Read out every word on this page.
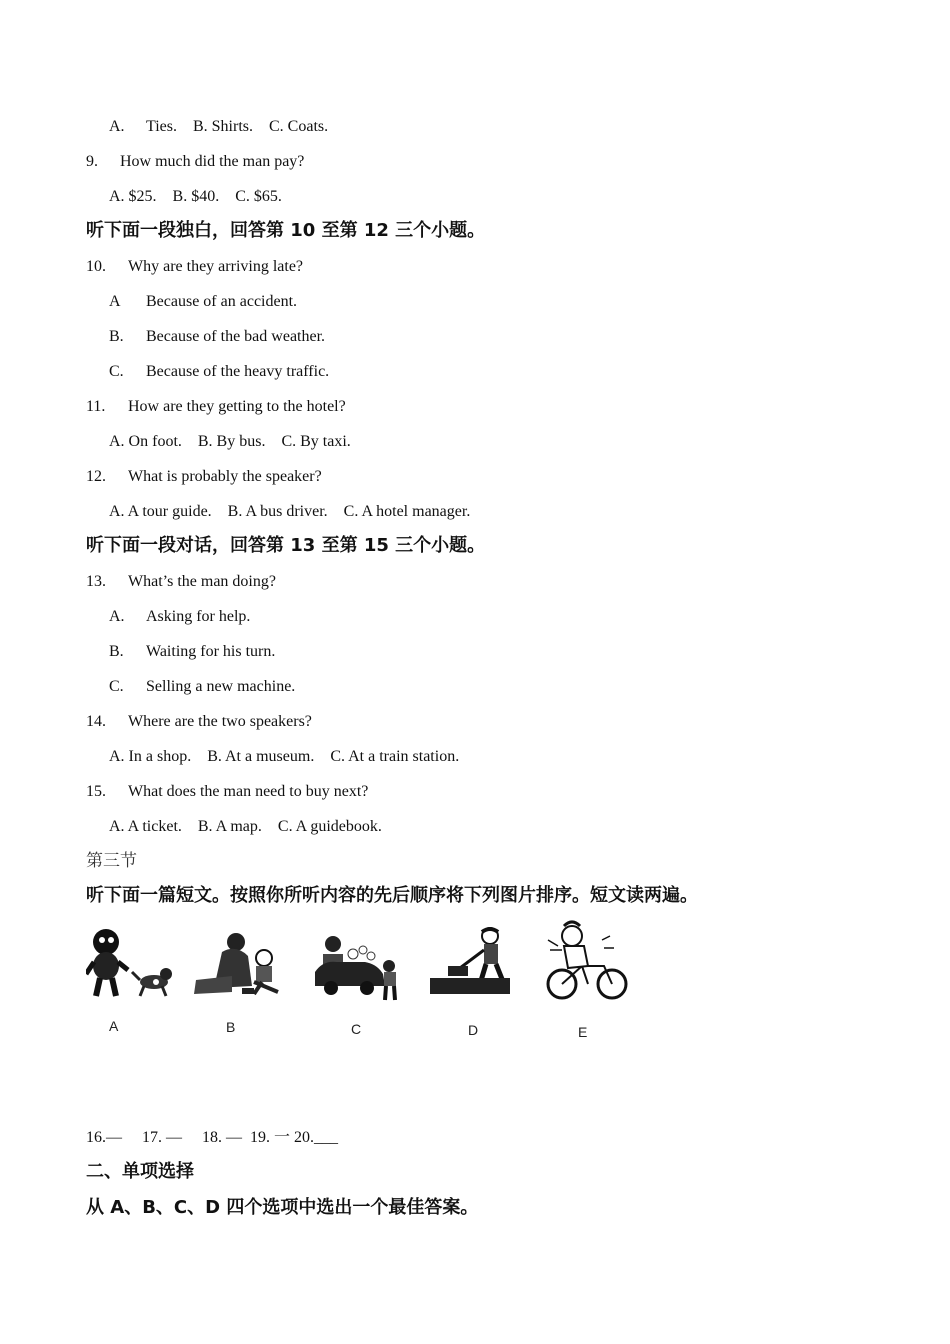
A. Ties. B. Shirts. C. Coats.
9. How much did the man pay?
A. $25.    B. $40.    C. $65.
听下面一段独白，回答第 10 至第 12 三个小题。
10. Why are they arriving late?
A Because of an accident.
B. Because of the bad weather.
C. Because of the heavy traffic.
11. How are they getting to the hotel?
A. On foot.    B. By bus.    C. By taxi.
12. What is probably the speaker?
A. A tour guide.    B. A bus driver.    C. A hotel manager.
听下面一段对话，回答第 13 至第 15 三个小题。
13. What’s the man doing?
A. Asking for help.
B. Waiting for his turn.
C. Selling a new machine.
14. Where are the two speakers?
A. In a shop.    B. At a museum.    C. At a train station.
15. What does the man need to buy next?
A. A ticket.    B. A map.    C. A guidebook.
第三节
听下面一篇短文。按照你所听内容的先后顺序将下列图片排序。短文读两遍。
A	B	C	D	E
16.—     17. —     18. —  19. 一 20.___
二、单项选择
从 A、B、C、D 四个选项中选出一个最佳答案。
